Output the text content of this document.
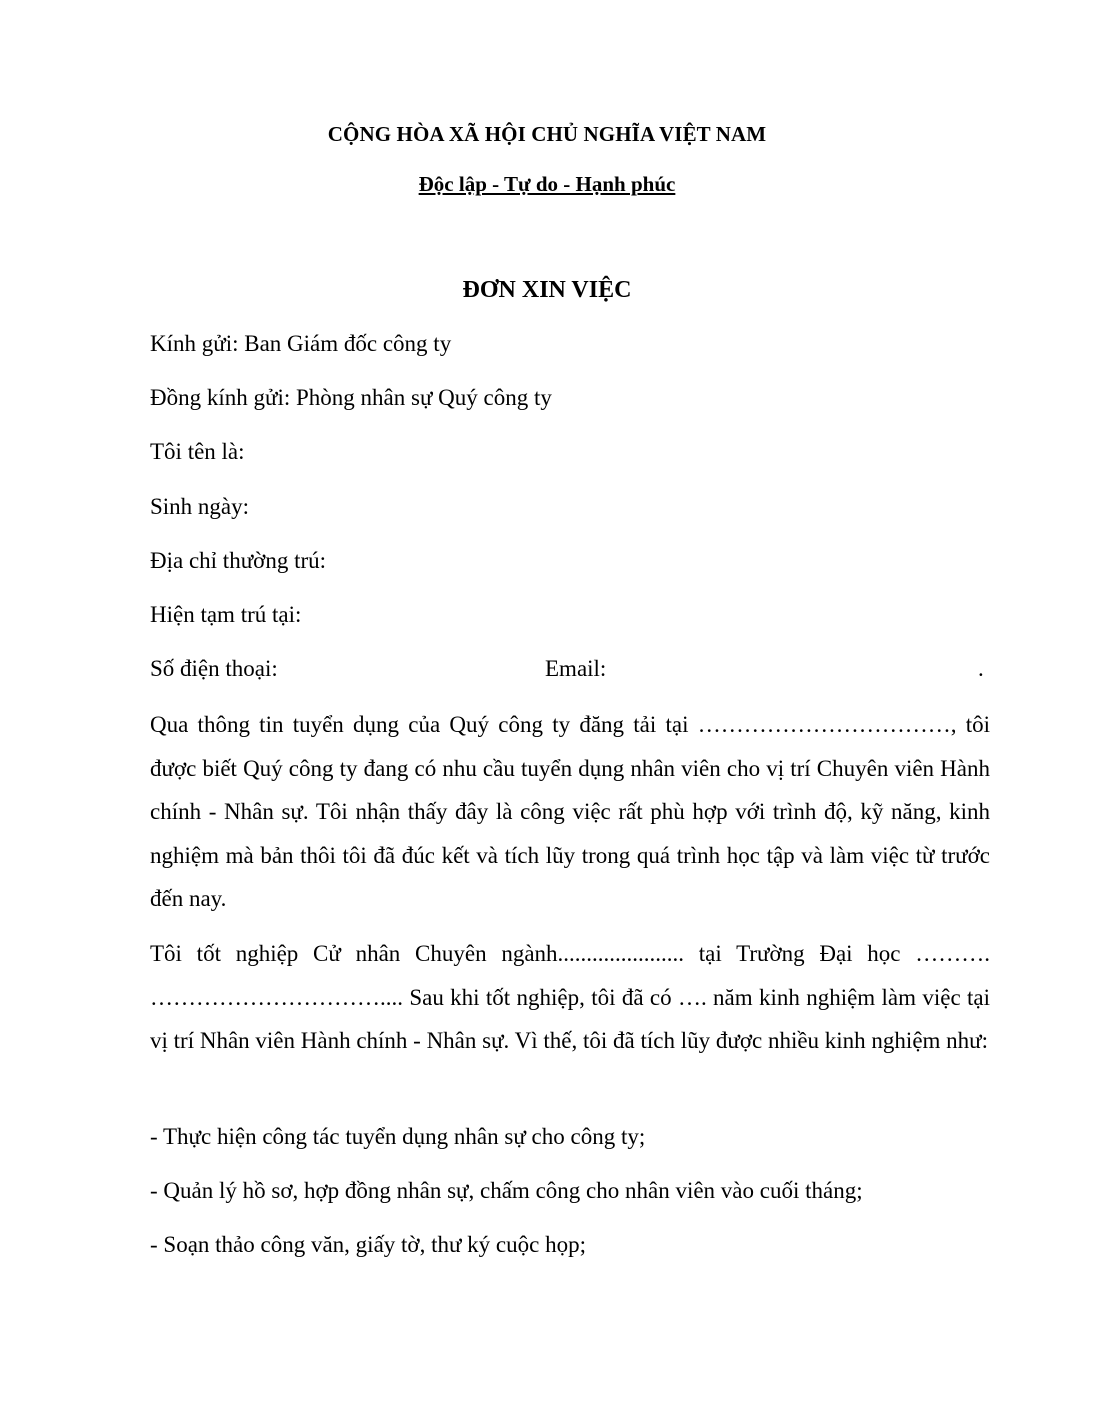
CỘNG HÒA XÃ HỘI CHỦ NGHĨA VIỆT NAM
Độc lập - Tự do - Hạnh phúc
ĐƠN XIN VIỆC
Kính gửi: Ban Giám đốc công ty
Đồng kính gửi: Phòng nhân sự Quý công ty
Tôi tên là:
Sinh ngày:
Địa chỉ thường trú:
Hiện tạm trú tại:
Số điện thoại:	Email:	.
Qua thông tin tuyển dụng của Quý công ty đăng tải tại ……………………………, tôi được biết Quý công ty đang có nhu cầu tuyển dụng nhân viên cho vị trí Chuyên viên Hành chính - Nhân sự. Tôi nhận thấy đây là công việc rất phù hợp với trình độ, kỹ năng, kinh nghiệm mà bản thôi tôi đã đúc kết và tích lũy trong quá trình học tập và làm việc từ trước đến nay.
Tôi tốt nghiệp Cử nhân Chuyên ngành...................... tại Trường Đại học ………. ………………………….... Sau khi tốt nghiệp, tôi đã có …. năm kinh nghiệm làm việc tại vị trí Nhân viên Hành chính - Nhân sự. Vì thế, tôi đã tích lũy được nhiều kinh nghiệm như:
- Thực hiện công tác tuyển dụng nhân sự cho công ty;
- Quản lý hồ sơ, hợp đồng nhân sự, chấm công cho nhân viên vào cuối tháng;
- Soạn thảo công văn, giấy tờ, thư ký cuộc họp;
